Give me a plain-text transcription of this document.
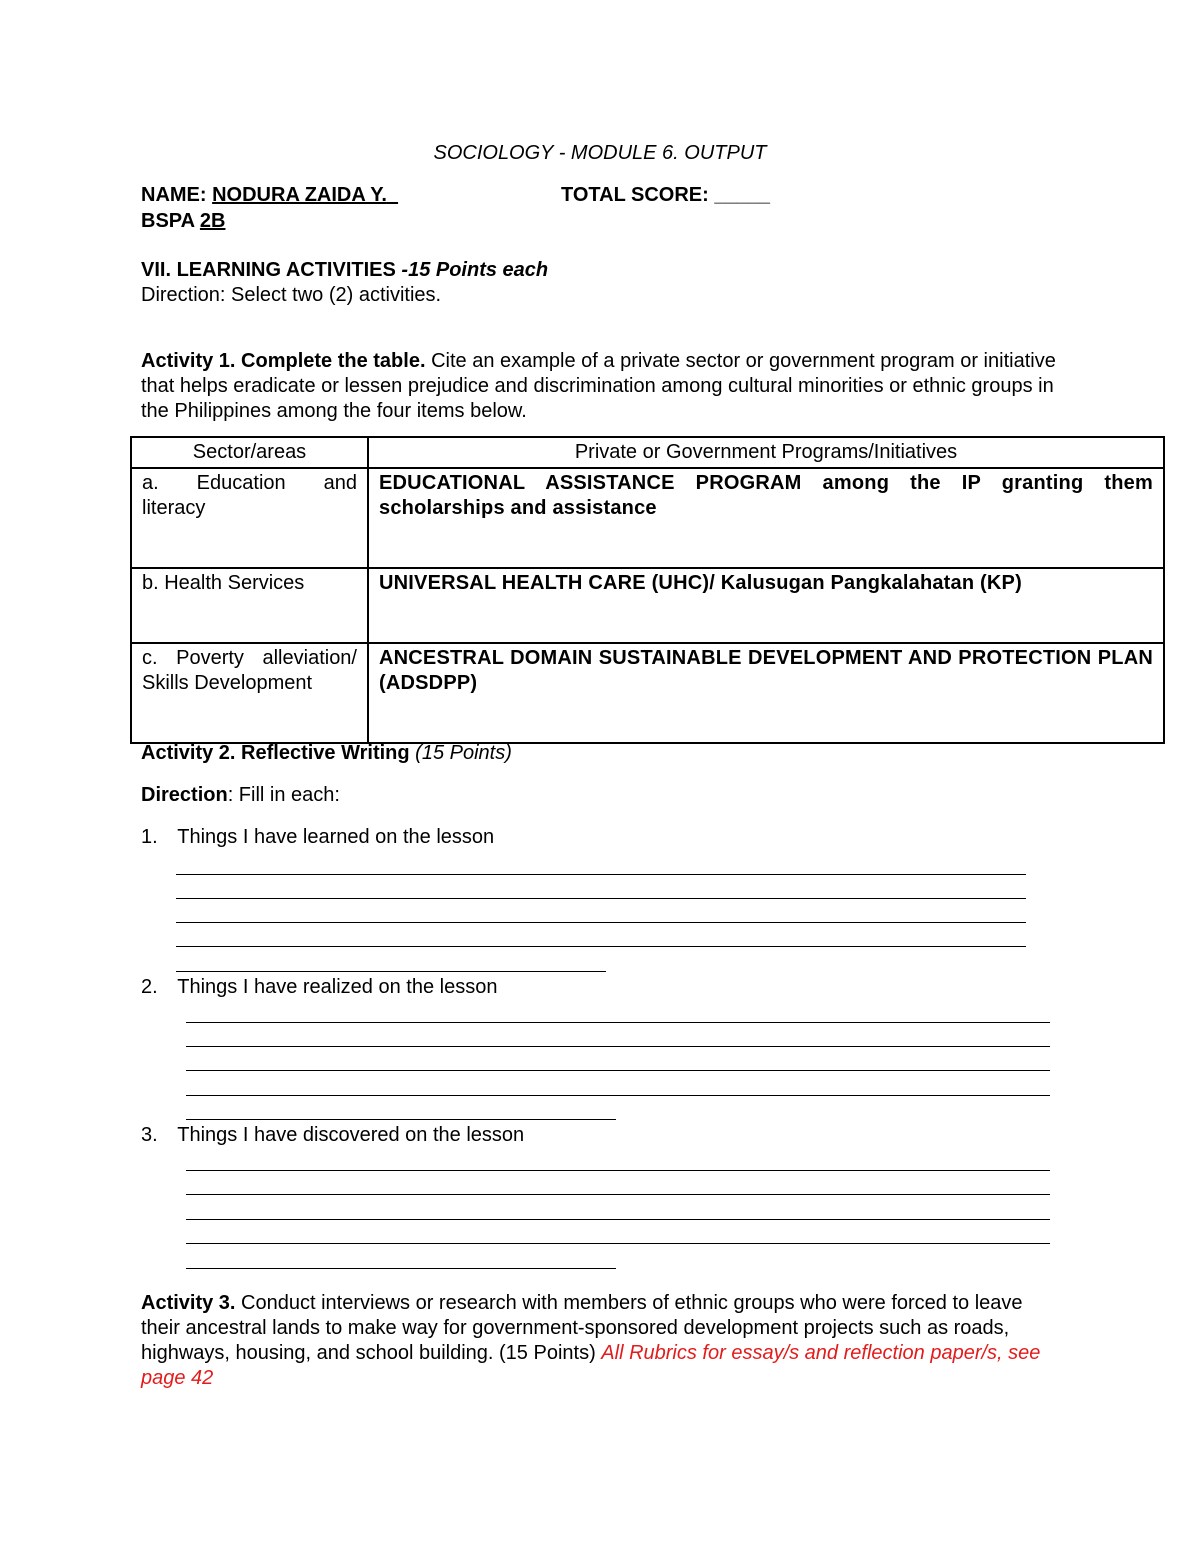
SOCIOLOGY - MODULE 6. OUTPUT
NAME: NODURA ZAIDA Y.	TOTAL SCORE: _____
BSPA 2B
VII. LEARNING ACTIVITIES -15 Points each
Direction: Select two (2) activities.
Activity 1. Complete the table. Cite an example of a private sector or government program or initiative that helps eradicate or lessen prejudice and discrimination among cultural minorities or ethnic groups in the Philippines among the four items below.
Sector/areas	Private or Government Programs/Initiatives
a. Education and literacy	EDUCATIONAL ASSISTANCE PROGRAM among the IP granting them scholarships and assistance
b. Health Services	UNIVERSAL HEALTH CARE (UHC)/ Kalusugan Pangkalahatan (KP)
c. Poverty alleviation/ Skills Development	ANCESTRAL DOMAIN SUSTAINABLE DEVELOPMENT AND PROTECTION PLAN (ADSDPP)
Activity 2. Reflective Writing (15 Points)
Direction: Fill in each:
1. Things I have learned on the lesson
2. Things I have realized on the lesson
3. Things I have discovered on the lesson
Activity 3. Conduct interviews or research with members of ethnic groups who were forced to leave their ancestral lands to make way for government-sponsored development projects such as roads, highways, housing, and school building. (15 Points) All Rubrics for essay/s and reflection paper/s, see page 42
